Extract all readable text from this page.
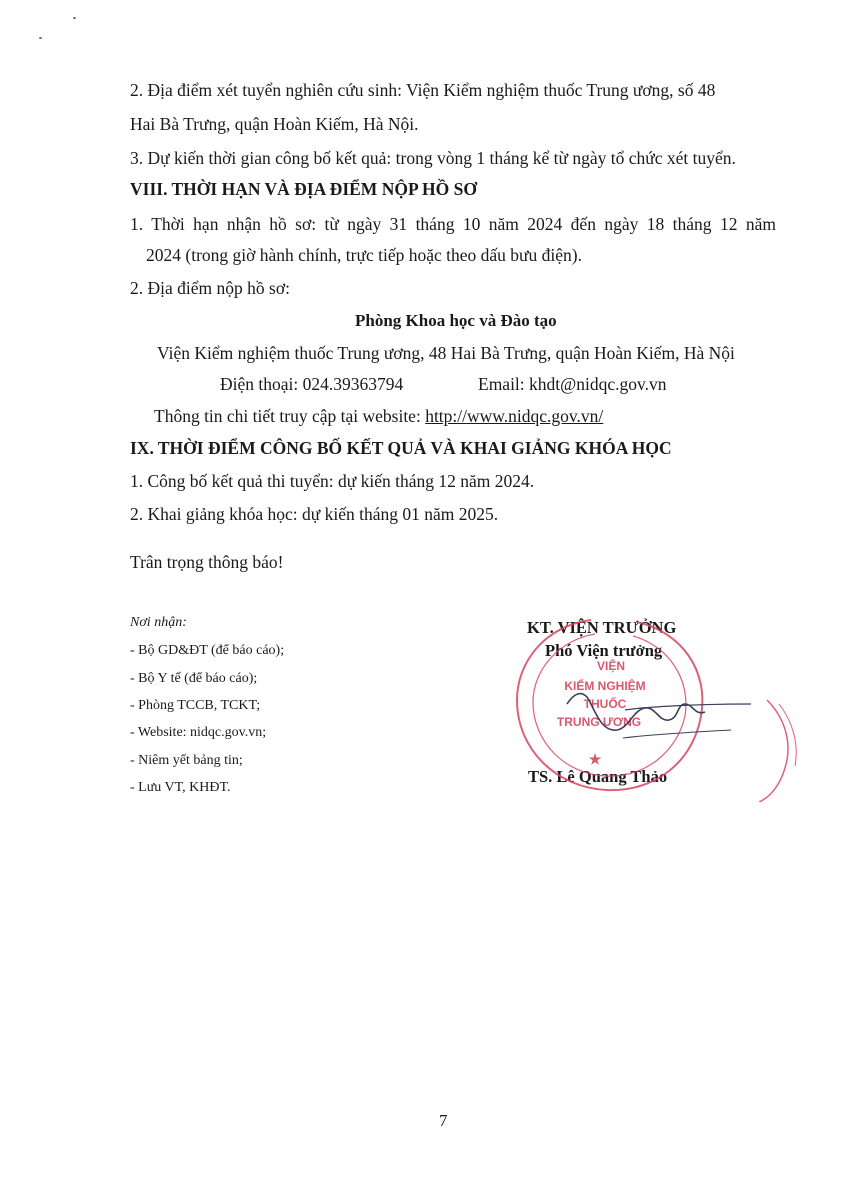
2. Địa điểm xét tuyển nghiên cứu sinh: Viện Kiểm nghiệm thuốc Trung ương, số 48
Hai Bà Trưng, quận Hoàn Kiếm, Hà Nội.
3. Dự kiến thời gian công bố kết quả: trong vòng 1 tháng kể từ ngày tổ chức xét tuyển.
VIII. THỜI HẠN VÀ ĐỊA ĐIỂM NỘP HỒ SƠ
1. Thời hạn nhận hồ sơ: từ ngày 31 tháng 10 năm 2024 đến ngày 18 tháng 12 năm
2024 (trong giờ hành chính, trực tiếp hoặc theo dấu bưu điện).
2. Địa điểm nộp hồ sơ:
Phòng Khoa học và Đào tạo
Viện Kiểm nghiệm thuốc Trung ương, 48 Hai Bà Trưng, quận Hoàn Kiếm, Hà Nội
Điện thoại: 024.39363794	Email: khdt@nidqc.gov.vn
Thông tin chi tiết truy cập tại website: http://www.nidqc.gov.vn/
IX. THỜI ĐIỂM CÔNG BỐ KẾT QUẢ VÀ KHAI GIẢNG KHÓA HỌC
1. Công bố kết quả thi tuyển: dự kiến tháng 12 năm 2024.
2. Khai giảng khóa học: dự kiến tháng 01 năm 2025.
Trân trọng thông báo!
Nơi nhận:
- Bộ GD&ĐT (để báo cáo);
- Bộ Y tế (để báo cáo);
- Phòng TCCB, TCKT;
- Website: nidqc.gov.vn;
- Niêm yết bảng tin;
- Lưu VT, KHĐT.
KT. VIỆN TRƯỞNG
Phó Viện trưởng
TS. Lê Quang Thảo
VIỆN
KIỂM NGHIỆM
THUỐC
TRUNG ƯƠNG
★
7
